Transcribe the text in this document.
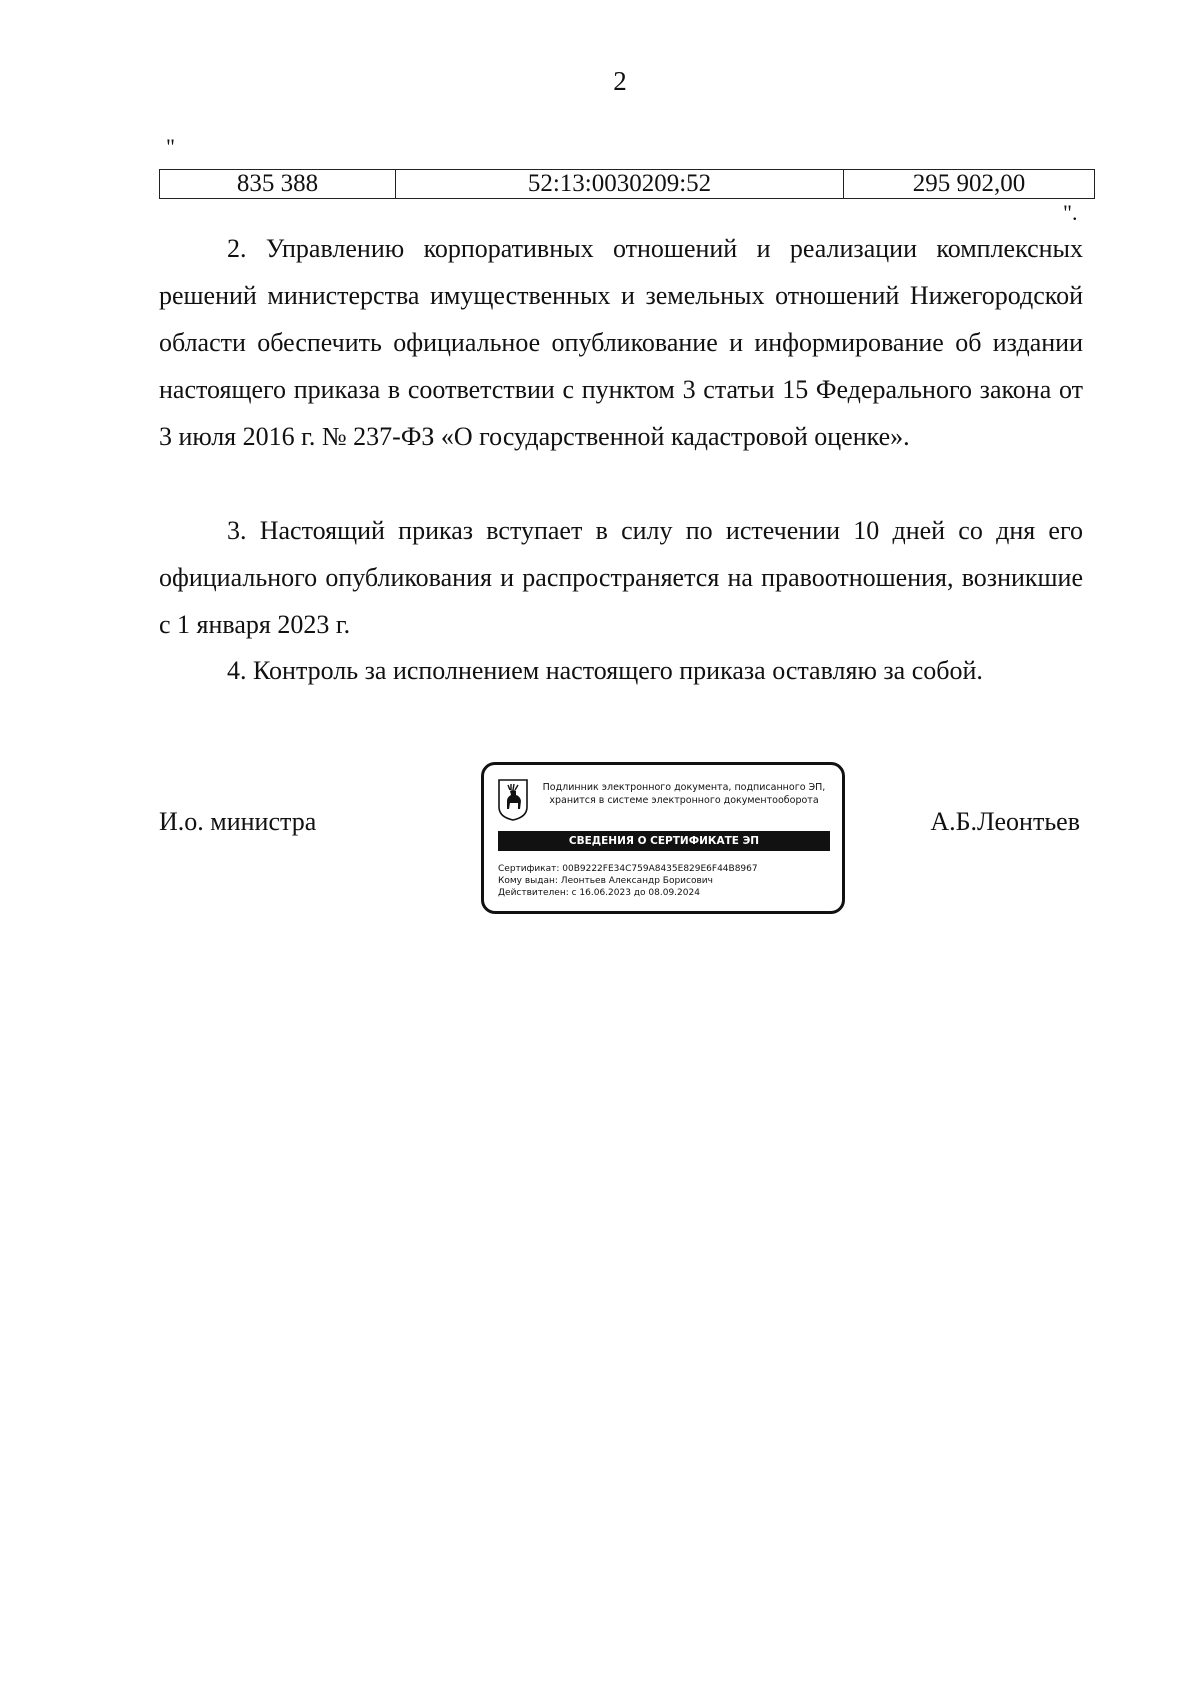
2
"
835 388	52:13:0030209:52	295 902,00
".

2. Управлению корпоративных отношений и реализации комплексных решений министерства имущественных и земельных отношений Нижегородской области обеспечить официальное опубликование и информирование об издании настоящего приказа в соответствии с пунктом 3 статьи 15 Федерального закона от 3 июля 2016 г. № 237-ФЗ «О государственной кадастровой оценке».

3. Настоящий приказ вступает в силу по истечении 10 дней со дня его официального опубликования и распространяется на правоотношения, возникшие с 1 января 2023 г.

4. Контроль за исполнением настоящего приказа оставляю за собой.

И.о. министра	А.Б.Леонтьев
Подлинник электронного документа, подписанного ЭП,
хранится в системе электронного документооборота
СВЕДЕНИЯ О СЕРТИФИКАТЕ ЭП
Сертификат: 00B9222FE34C759A8435E829E6F44B8967
Кому выдан: Леонтьев Александр Борисович
Действителен: с 16.06.2023 до 08.09.2024
